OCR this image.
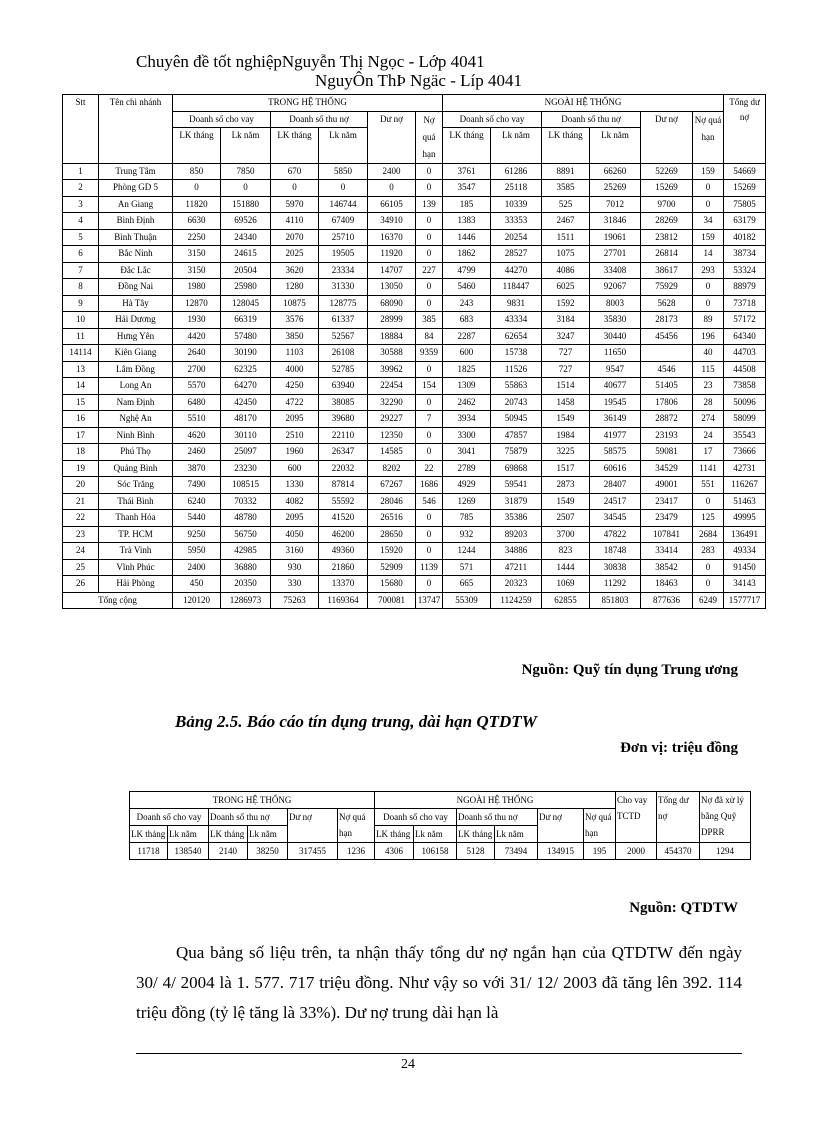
Chuyên đề tốt nghiệpNguyễn Thị Ngọc - Lớp 4041
NguyÔn ThÞ Ngäc - Líp 4041
Stt	Tên chi nhánh	TRONG HỆ THỐNG						NGOÀI HỆ THỐNG						Tổng dư nợ
		Doanh số cho vay		Doanh số thu nợ		Dư nợ	Nợ quá hạn	Doanh số cho vay		Doanh số thu nợ		Dư nợ	Nợ quá hạn	
		LK tháng	Lk năm	LK tháng	Lk năm			LK tháng	Lk năm	LK tháng	Lk năm			

1	Trung Tâm	850	7850	670	5850	2400	0	3761	61286	8891	66260	52269	159	54669
2	Phòng GD 5	0	0	0	0	0	0	3547	25118	3585	25269	15269	0	15269
3	An Giang	11820	151880	5970	146744	66105	139	185	10339	525	7012	9700	0	75805
4	Bình Định	6630	69526	4110	67409	34910	0	1383	33353	2467	31846	28269	34	63179
5	Bình Thuận	2250	24340	2070	25710	16370	0	1446	20254	1511	19061	23812	159	40182
6	Bắc Ninh	3150	24615	2025	19505	11920	0	1862	28527	1075	27701	26814	14	38734
7	Đắc Lắc	3150	20504	3620	23334	14707	227	4799	44270	4086	33408	38617	293	53324
8	Đồng Nai	1980	25980	1280	31330	13050	0	5460	118447	6025	92067	75929	0	88979
9	Hà Tây	12870	128045	10875	128775	68090	0	243	9831	1592	8003	5628	0	73718
10	Hải Dương	1930	66319	3576	61337	28999	385	683	43334	3184	35830	28173	89	57172
11	Hưng Yên	4420	57480	3850	52567	18884	84	2287	62654	3247	30440	45456	196	64340
14114	Kiên Giang	2640	30190	1103	26108	30588	9359	600	15738	727	11650		40	44703
13	Lâm Đồng	2700	62325	4000	52785	39962	0	1825	11526	727	9547	4546	115	44508
14	Long An	5570	64270	4250	63940	22454	154	1309	55863	1514	40677	51405	23	73858
15	Nam Định	6480	42450	4722	38085	32290	0	2462	20743	1458	19545	17806	28	50096
16	Nghệ An	5510	48170	2095	39680	29227	7	3934	50945	1549	36149	28872	274	58099
17	Ninh Bình	4620	30110	2510	22110	12350	0	3300	47857	1984	41977	23193	24	35543
18	Phú Thọ	2460	25097	1960	26347	14585	0	3041	75879	3225	58575	59081	17	73666
19	Quảng Bình	3870	23230	600	22032	8202	22	2789	69868	1517	60616	34529	1141	42731
20	Sóc Trăng	7490	108515	1330	87814	67267	1686	4929	59541	2873	28407	49001	551	116267
21	Thái Bình	6240	70332	4082	55592	28046	546	1269	31879	1549	24517	23417	0	51463
22	Thanh Hóa	5440	48780	2095	41520	26516	0	785	35386	2507	34545	23479	125	49995
23	TP. HCM	9250	56750	4050	46200	28650	0	932	89203	3700	47822	107841	2684	136491
24	Trà Vinh	5950	42985	3160	49360	15920	0	1244	34886	823	18748	33414	283	49334
25	Vĩnh Phúc	2400	36880	930	21860	52909	1139	571	47211	1444	30838	38542	0	91450
26	Hải Phòng	450	20350	330	13370	15680	0	665	20323	1069	11292	18463	0	34143
Tổng cộng		120120	1286973	75263	1169364	700081	13747	55309	1124259	62855	851803	877636	6249	1577717
Nguồn: Quỹ tín dụng Trung ương
Bảng 2.5. Báo cáo tín dụng trung, dài hạn QTDTW
Đơn vị: triệu đồng
TRONG HỆ THỐNG						NGOÀI HỆ THỐNG						Cho vay TCTD	Tổng dư nợ	Nợ đã xử lý bằng Quỹ DPRR
Doanh số cho vay		Doanh số thu nợ		Dư nợ	Nợ quá hạn	Doanh số cho vay		Doanh số thu nợ		Dư nợ	Nợ quá hạn			
LK tháng	Lk năm	LK tháng	Lk năm			LK tháng	Lk năm	LK tháng	Lk năm					
11718	138540	2140	38250	317455	1236	4306	106158	5128	73494	134915	195	2000	454370	1294
Nguồn: QTDTW

Qua bảng số liệu trên, ta nhận thấy tổng dư nợ ngắn hạn của QTDTW đến ngày 30/ 4/ 2004 là 1. 577. 717 triệu đồng. Như vậy so với 31/ 12/ 2003 đã tăng lên 392. 114 triệu đồng (tỷ lệ tăng là 33%). Dư nợ trung dài hạn là

24
